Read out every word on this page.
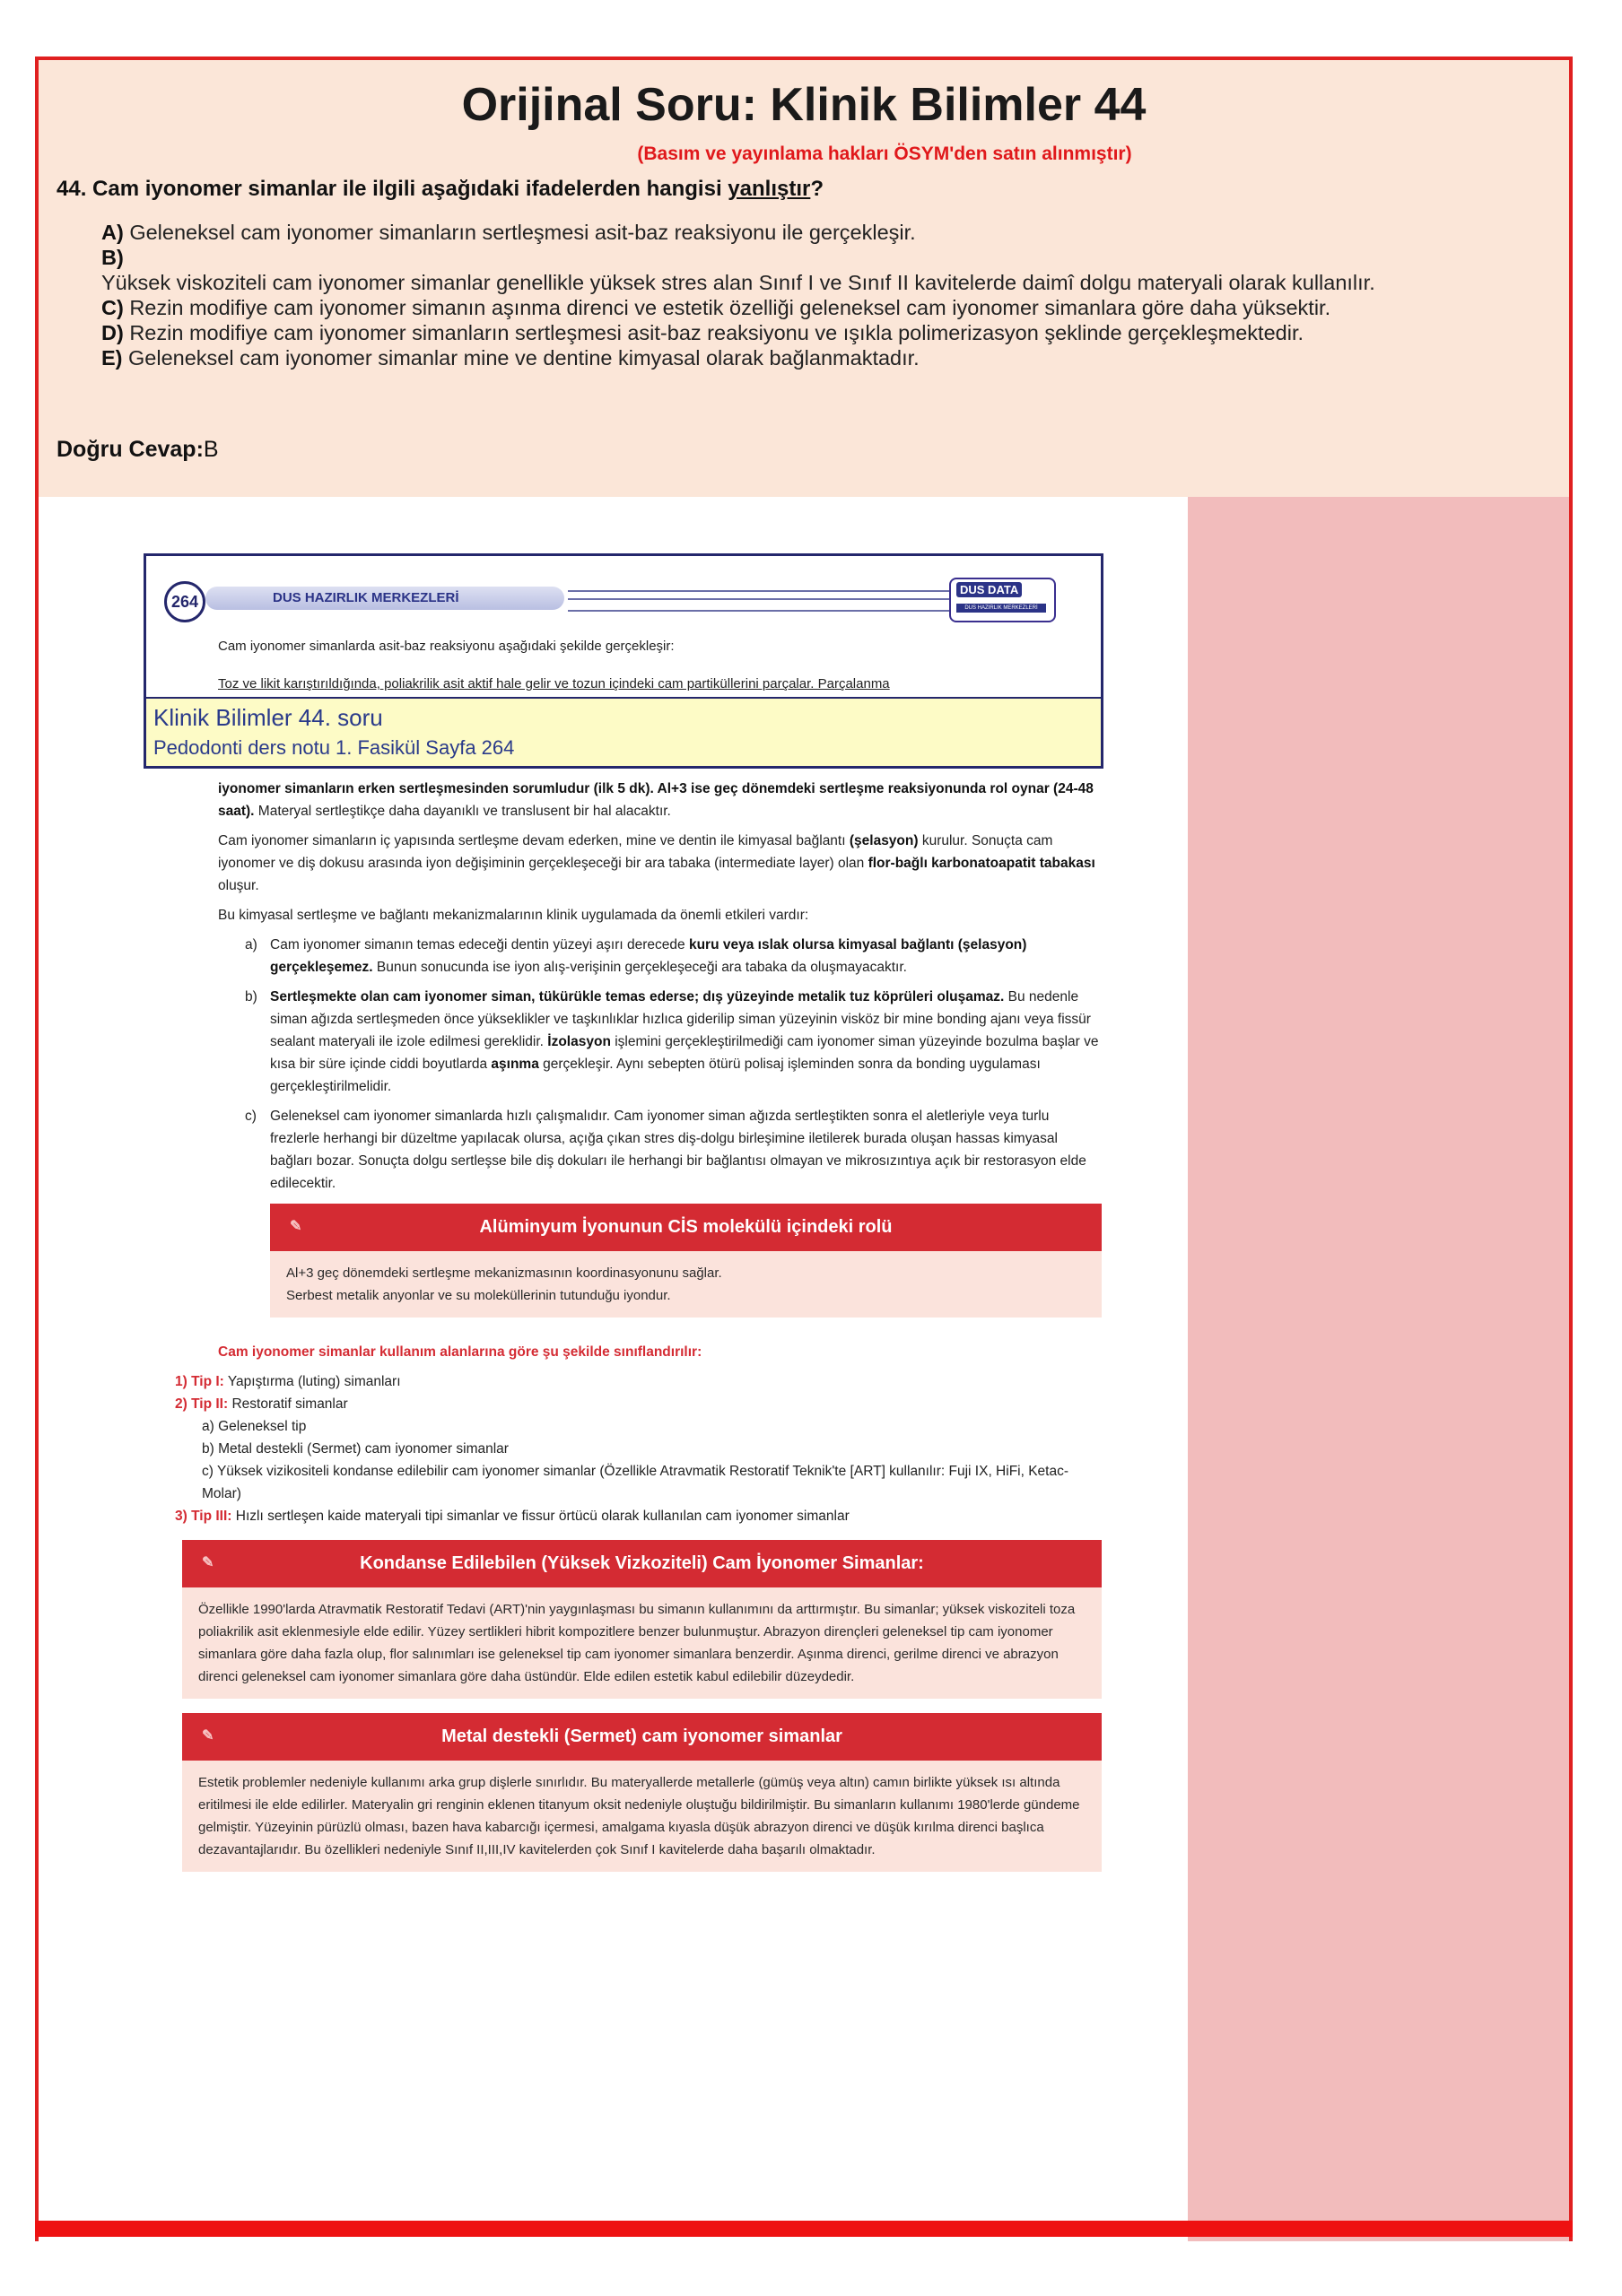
Orijinal Soru: Klinik Bilimler 44
(Basım ve yayınlama hakları ÖSYM'den satın alınmıştır)
44. Cam iyonomer simanlar ile ilgili aşağıdaki ifadelerden hangisi yanlıştır?
A) Geleneksel cam iyonomer simanların sertleşmesi asit-baz reaksiyonu ile gerçekleşir.
B)
Yüksek viskoziteli cam iyonomer simanlar genellikle yüksek stres alan Sınıf I ve Sınıf II kavitelerde daimî dolgu materyali olarak kullanılır.
C) Rezin modifiye cam iyonomer simanın aşınma direnci ve estetik özelliği geleneksel cam iyonomer simanlara göre daha yüksektir.
D) Rezin modifiye cam iyonomer simanların sertleşmesi asit-baz reaksiyonu ve ışıkla polimerizasyon şeklinde gerçekleşmektedir.
E) Geleneksel cam iyonomer simanlar mine ve dentine kimyasal olarak bağlanmaktadır.
Doğru Cevap:B
264	DUS HAZIRLIK MERKEZLERİ
DUS DATA
DUS HAZIRLIK MERKEZLERİ
Cam iyonomer simanlarda asit-baz reaksiyonu aşağıdaki şekilde gerçekleşir:
Toz ve likit karıştırıldığında, poliakrilik asit aktif hale gelir ve tozun içindeki cam partiküllerini parçalar. Parçalanma
Klinik Bilimler 44. soru
Pedodonti ders notu 1. Fasikül Sayfa 264

iyonomer simanların erken sertleşmesinden sorumludur (ilk 5 dk). Al+3 ise geç dönemdeki sertleşme reaksiyonunda rol oynar (24-48 saat). Materyal sertleştikçe daha dayanıklı ve translusent bir hal alacaktır.

Cam iyonomer simanların iç yapısında sertleşme devam ederken, mine ve dentin ile kimyasal bağlantı (şelasyon) kurulur. Sonuçta cam iyonomer ve diş dokusu arasında iyon değişiminin gerçekleşeceği bir ara tabaka (intermediate layer) olan flor-bağlı karbonatoapatit tabakası oluşur.

Bu kimyasal sertleşme ve bağlantı mekanizmalarının klinik uygulamada da önemli etkileri vardır:

a) Cam iyonomer simanın temas edeceği dentin yüzeyi aşırı derecede kuru veya ıslak olursa kimyasal bağlantı (şelasyon) gerçekleşemez. Bunun sonucunda ise iyon alış-verişinin gerçekleşeceği ara tabaka da oluşmayacaktır.
b) Sertleşmekte olan cam iyonomer siman, tükürükle temas ederse; dış yüzeyinde metalik tuz köprüleri oluşamaz. Bu nedenle siman ağızda sertleşmeden önce yükseklikler ve taşkınlıklar hızlıca giderilip siman yüzeyinin visköz bir mine bonding ajanı veya fissür sealant materyali ile izole edilmesi gereklidir. İzolasyon işlemini gerçekleştirilmediği cam iyonomer siman yüzeyinde bozulma başlar ve kısa bir süre içinde ciddi boyutlarda aşınma gerçekleşir. Aynı sebepten ötürü polisaj işleminden sonra da bonding uygulaması gerçekleştirilmelidir.
c) Geleneksel cam iyonomer simanlarda hızlı çalışmalıdır. Cam iyonomer siman ağızda sertleştikten sonra el aletleriyle veya turlu frezlerle herhangi bir düzeltme yapılacak olursa, açığa çıkan stres diş-dolgu birleşimine iletilerek burada oluşan hassas kimyasal bağları bozar. Sonuçta dolgu sertleşse bile diş dokuları ile herhangi bir bağlantısı olmayan ve mikrosızıntıya açık bir restorasyon elde edilecektir.
✎	Alüminyum İyonunun CİS molekülü içindeki rolü
Al+3 geç dönemdeki sertleşme mekanizmasının koordinasyonunu sağlar.
Serbest metalik anyonlar ve su moleküllerinin tutunduğu iyondur.

Cam iyonomer simanlar kullanım alanlarına göre şu şekilde sınıflandırılır:

1) Tip I: Yapıştırma (luting) simanları
2) Tip II: Restoratif simanlar
a) Geleneksel tip
b) Metal destekli (Sermet) cam iyonomer simanlar
c) Yüksek vizikositeli kondanse edilebilir cam iyonomer simanlar (Özellikle Atravmatik Restoratif Teknik'te [ART] kullanılır: Fuji IX, HiFi, Ketac-Molar)
3) Tip III: Hızlı sertleşen kaide materyali tipi simanlar ve fissur örtücü olarak kullanılan cam iyonomer simanlar
✎	Kondanse Edilebilen (Yüksek Vizkoziteli) Cam İyonomer Simanlar:
Özellikle 1990'larda Atravmatik Restoratif Tedavi (ART)'nin yaygınlaşması bu simanın kullanımını da arttırmıştır. Bu simanlar; yüksek viskoziteli toza poliakrilik asit eklenmesiyle elde edilir. Yüzey sertlikleri hibrit kompozitlere benzer bulunmuştur. Abrazyon dirençleri geleneksel tip cam iyonomer simanlara göre daha fazla olup, flor salınımları ise geleneksel tip cam iyonomer simanlara benzerdir. Aşınma direnci, gerilme direnci ve abrazyon direnci geleneksel cam iyonomer simanlara göre daha üstündür. Elde edilen estetik kabul edilebilir düzeydedir.
✎	Metal destekli (Sermet) cam iyonomer simanlar
Estetik problemler nedeniyle kullanımı arka grup dişlerle sınırlıdır. Bu materyallerde metallerle (gümüş veya altın) camın birlikte yüksek ısı altında eritilmesi ile elde edilirler. Materyalin gri renginin eklenen titanyum oksit nedeniyle oluştuğu bildirilmiştir. Bu simanların kullanımı 1980'lerde gündeme gelmiştir. Yüzeyinin pürüzlü olması, bazen hava kabarcığı içermesi, amalgama kıyasla düşük abrazyon direnci ve düşük kırılma direnci başlıca dezavantajlarıdır. Bu özellikleri nedeniyle Sınıf II,III,IV kavitelerden çok Sınıf I kavitelerde daha başarılı olmaktadır.
